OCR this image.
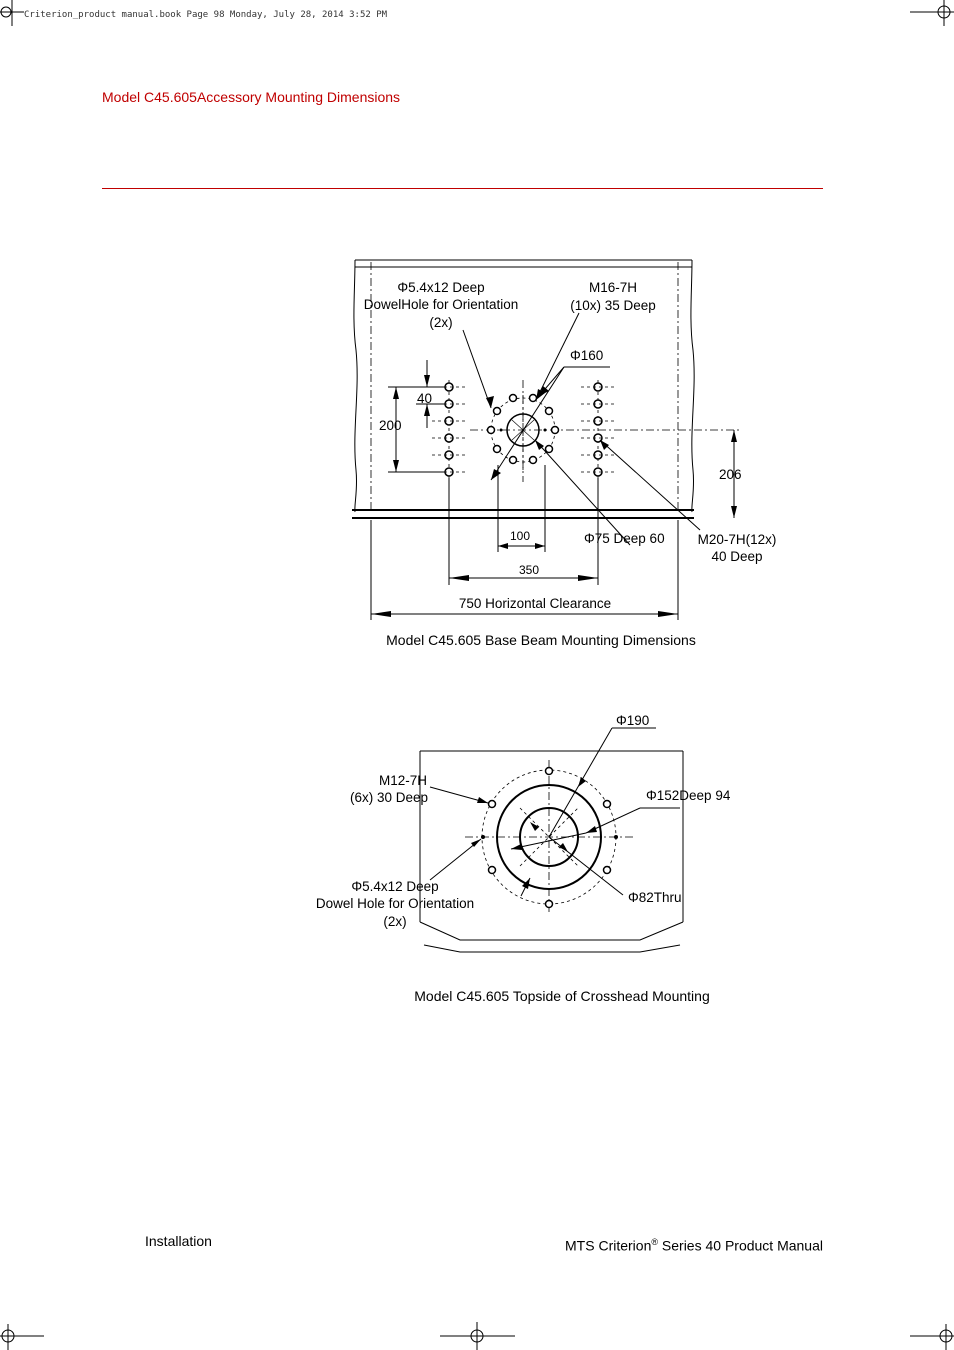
Criterion_product manual.book Page 98 Monday, July 28, 2014 3:52 PM
Model C45.605Accessory Mounting Dimensions
Installation	MTS Criterion® Series 40 Product Manual
Φ5.4x12 Deep
DowelHole for Orientation
(2x)
M16-7H
(10x) 35 Deep
Φ160
40
200
206
100	Φ75 Deep 60 M20-7H(12x)
40 Deep
350
750 Horizontal Clearance
Model C45.605 Base Beam Mounting Dimensions
Φ190
M12-7H
(6x) 30 Deep	Φ152Deep 94
Φ5.4x12 Deep
Dowel Hole for Orientation
(2x)
Φ82Thru
Model C45.605 Topside of Crosshead Mounting
